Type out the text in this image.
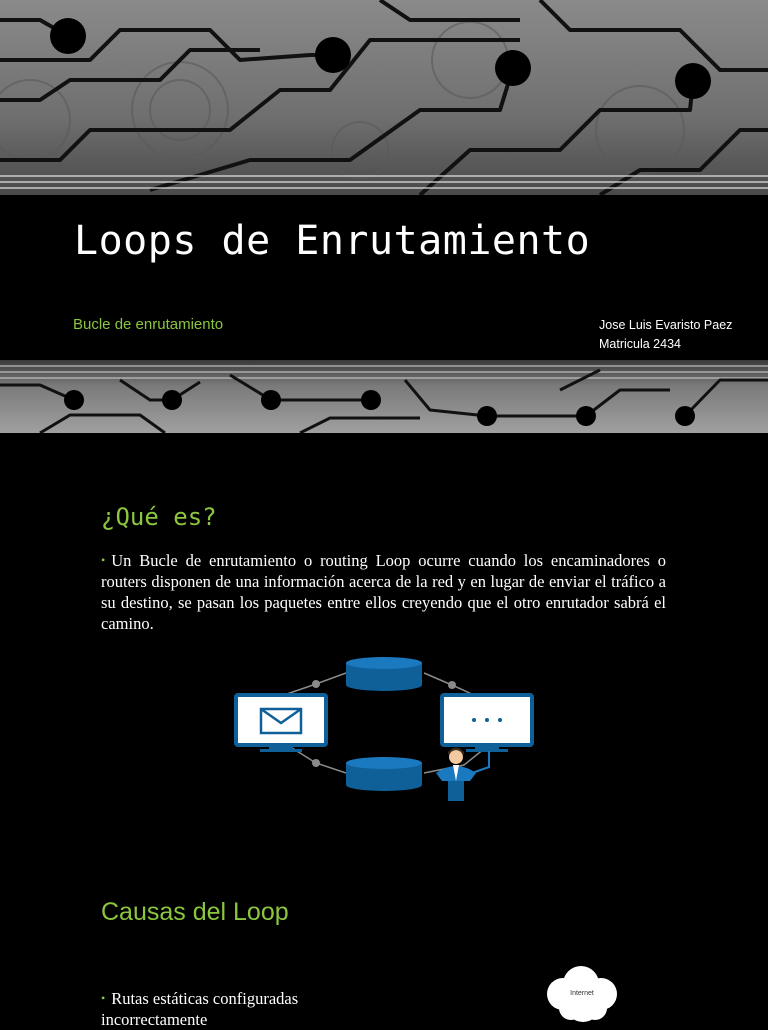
Loops de Enrutamiento
Bucle de enrutamiento	Jose Luis Evaristo Paez
Matricula 2434
¿Qué es?
• Un Bucle de enrutamiento o routing Loop ocurre cuando los encaminadores o routers disponen de una información acerca de la red y en lugar de enviar el tráfico a su destino, se pasan los paquetes entre ellos creyendo que el otro enrutador sabrá el camino.
Causas del Loop
• Rutas estáticas configuradas incorrectamente
Internet
